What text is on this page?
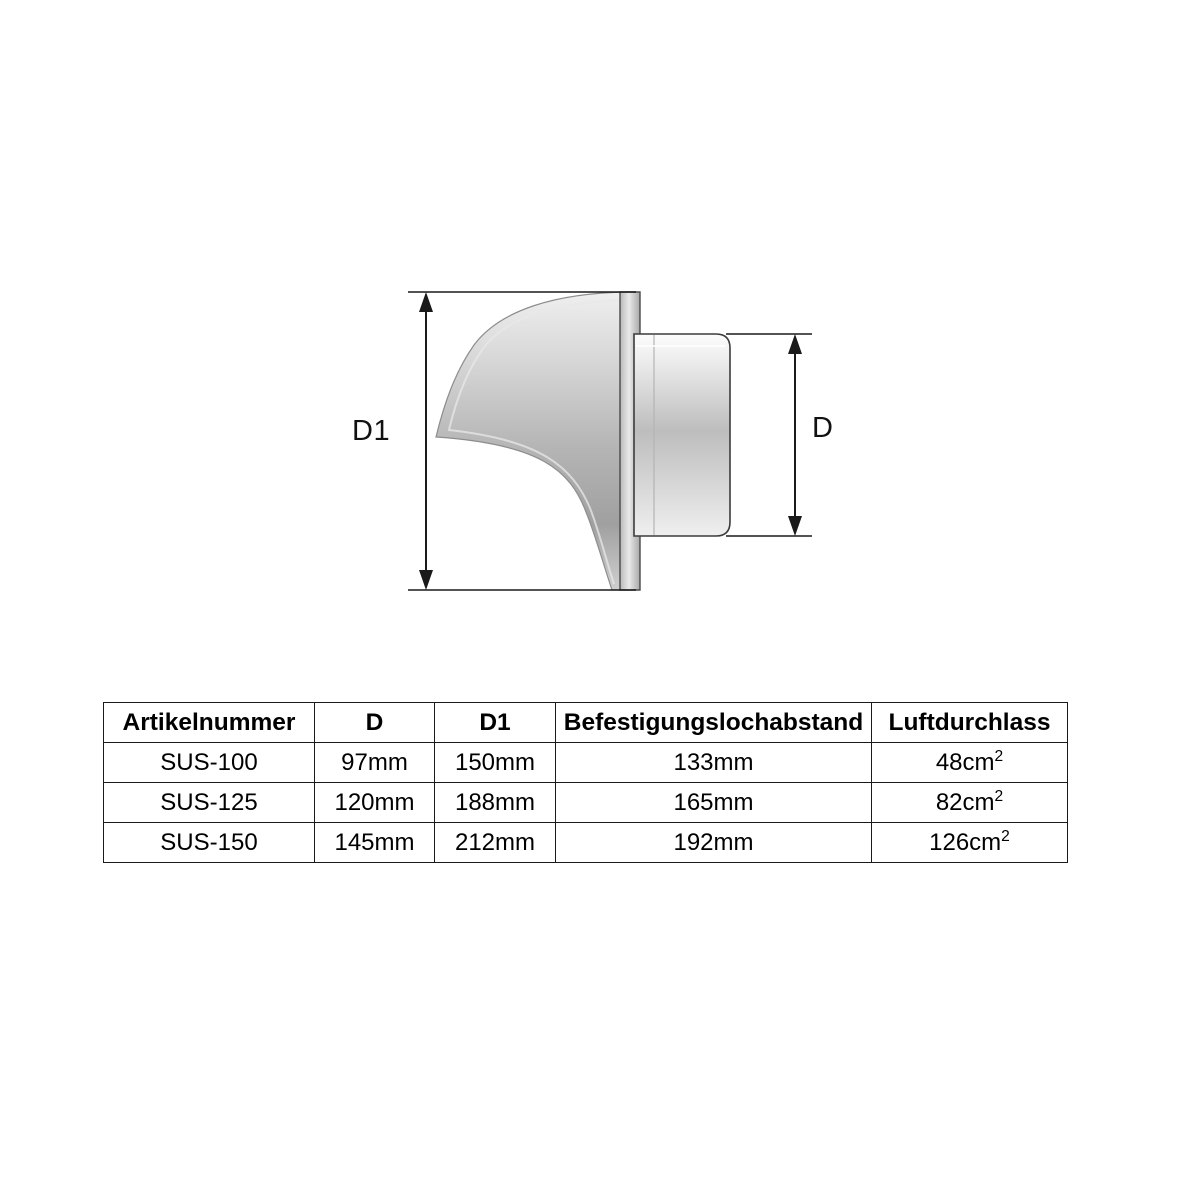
D1	D
Artikelnummer	D	D1	Befestigungslochabstand	Luftdurchlass
SUS-100	97mm	150mm	133mm	$48cm^2$
SUS-125	120mm	188mm	165mm	$82cm^2$
SUS-150	145mm	212mm	192mm	$126cm^2$
